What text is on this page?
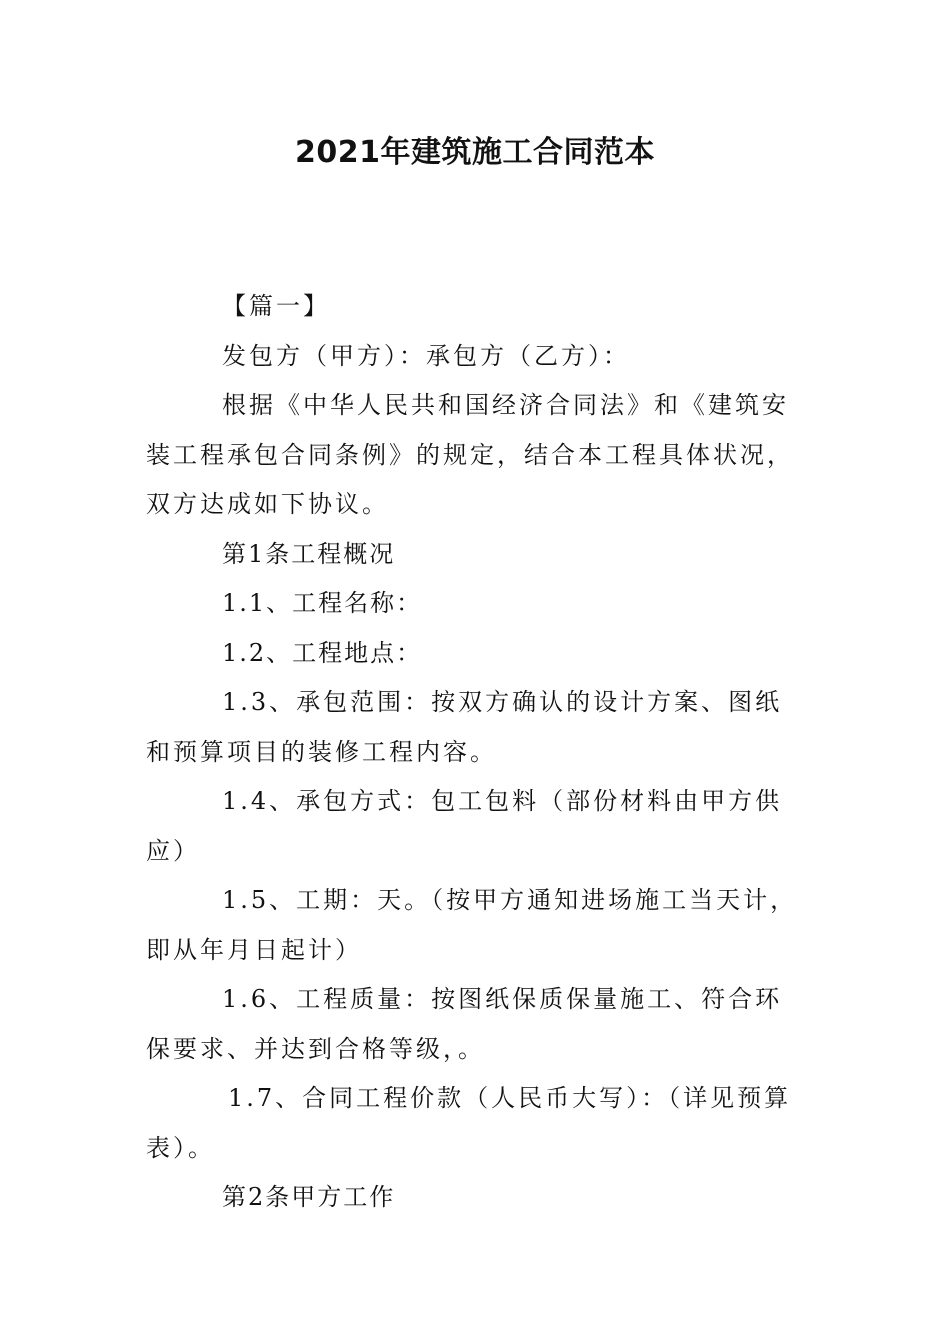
2021年建筑施工合同范本

【篇一】

发包方（甲方）：承包方（乙方）：

根据《中华人民共和国经济合同法》和《建筑安装工程承包合同条例》的规定，结合本工程具体状况，双方达成如下协议。

第1条工程概况

1.1、工程名称：

1.2、工程地点：

1.3、承包范围：按双方确认的设计方案、图纸和预算项目的装修工程内容。

1.4、承包方式：包工包料（部份材料由甲方供应）

1.5、工期：天。（按甲方通知进场施工当天计，即从年月日起计）

1.6、工程质量：按图纸保质保量施工、符合环保要求、并达到合格等级，。

1.7、合同工程价款（人民币大写）：（详见预算表）。

第2条甲方工作
